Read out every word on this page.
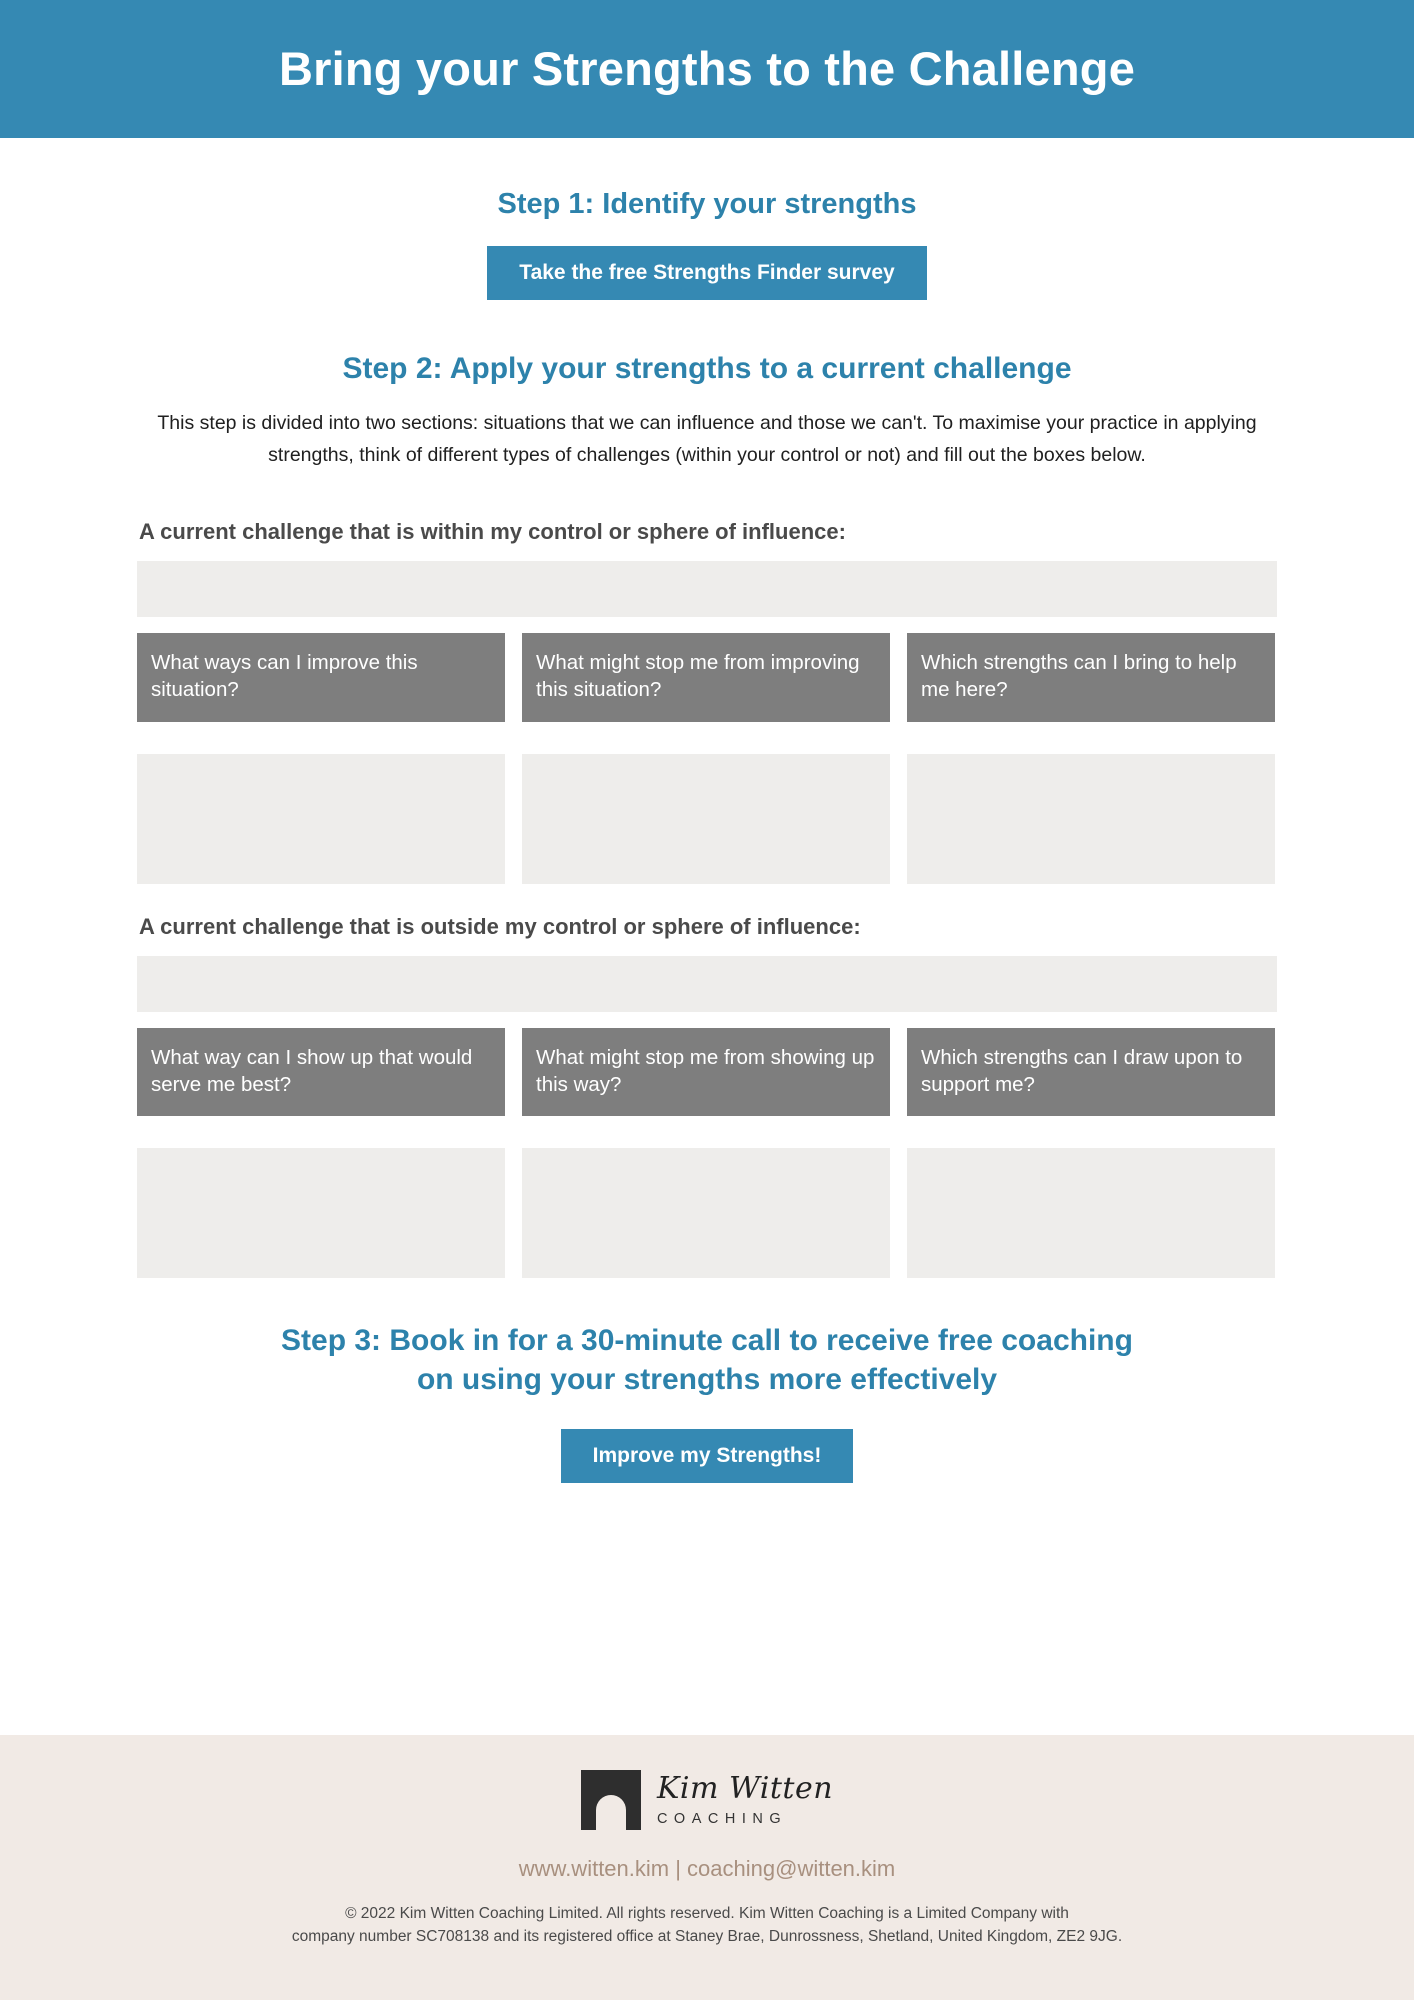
Bring your Strengths to the Challenge
Step 1: Identify your strengths
Take the free Strengths Finder survey
Step 2: Apply your strengths to a current challenge

This step is divided into two sections: situations that we can influence and those we can't. To maximise your practice in applying strengths, think of different types of challenges (within your control or not) and fill out the boxes below.

A current challenge that is within my control or sphere of influence:
What ways can I improve this situation?
What might stop me from improving this situation?
Which strengths can I bring to help me here?
A current challenge that is outside my control or sphere of influence:
What way can I show up that would serve me best?
What might stop me from showing up this way?
Which strengths can I draw upon to support me?
Step 3: Book in for a 30-minute call to receive free coaching
on using your strengths more effectively
Improve my Strengths!
Kim Witten
COACHING
www.witten.kim | coaching@witten.kim
© 2022 Kim Witten Coaching Limited. All rights reserved. Kim Witten Coaching is a Limited Company with
company number SC708138 and its registered office at Staney Brae, Dunrossness, Shetland, United Kingdom, ZE2 9JG.
